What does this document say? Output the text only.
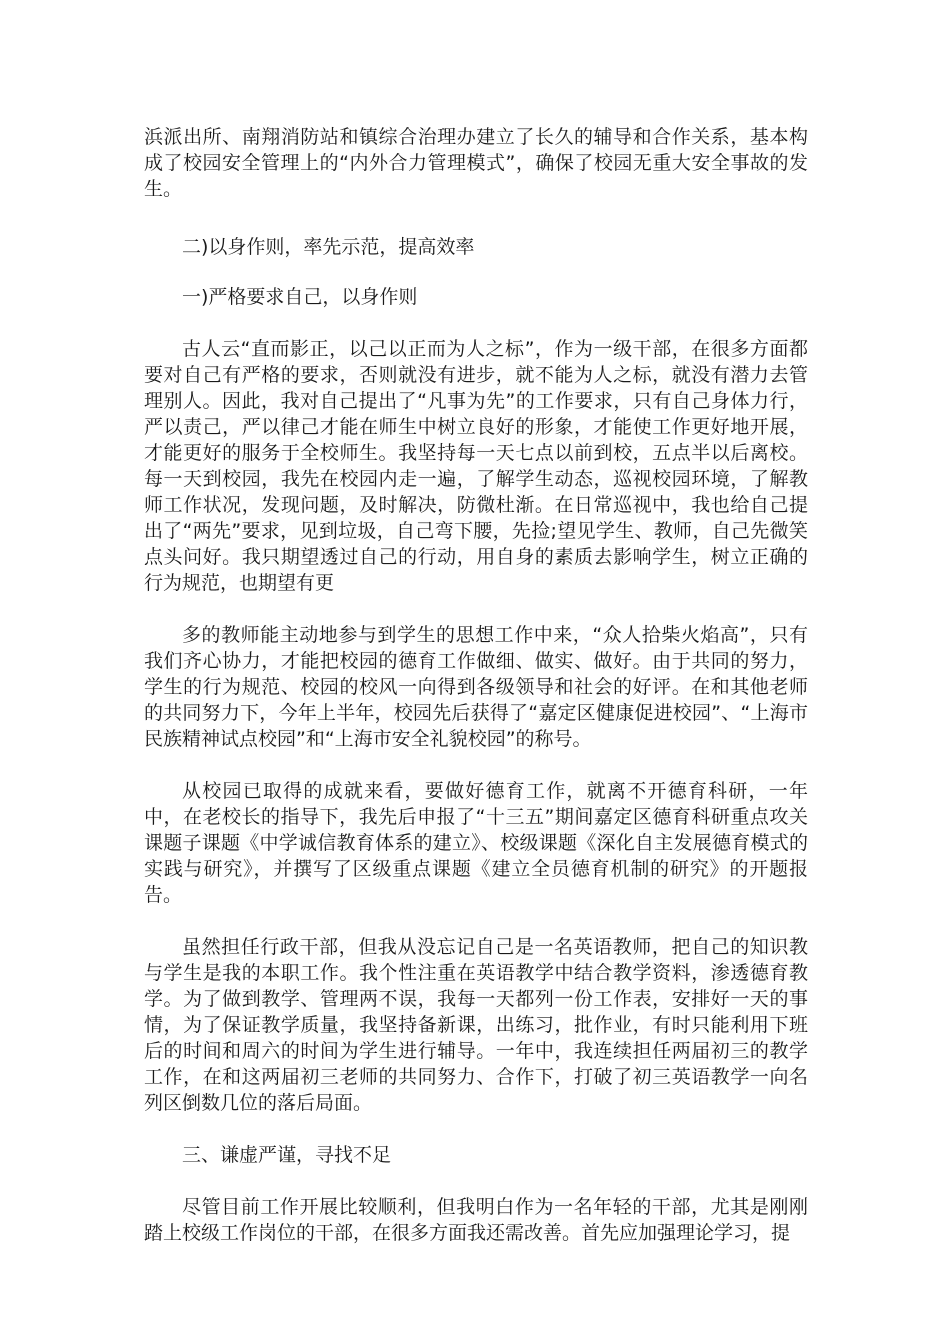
浜派出所、南翔消防站和镇综合治理办建立了长久的辅导和合作关系，基本构成了校园安全管理上的“内外合力管理模式”，确保了校园无重大安全事故的发生。

二)以身作则，率先示范，提高效率

一)严格要求自己，以身作则

古人云“直而影正，以己以正而为人之标”，作为一级干部，在很多方面都要对自己有严格的要求，否则就没有进步，就不能为人之标，就没有潜力去管理别人。因此，我对自己提出了“凡事为先”的工作要求，只有自己身体力行，严以责己，严以律己才能在师生中树立良好的形象，才能使工作更好地开展，才能更好的服务于全校师生。我坚持每一天七点以前到校，五点半以后离校。每一天到校园，我先在校园内走一遍，了解学生动态，巡视校园环境，了解教师工作状况，发现问题，及时解决，防微杜渐。在日常巡视中，我也给自己提出了“两先”要求，见到垃圾，自己弯下腰，先捡;望见学生、教师，自己先微笑点头问好。我只期望透过自己的行动，用自身的素质去影响学生，树立正确的行为规范，也期望有更

多的教师能主动地参与到学生的思想工作中来，“众人拾柴火焰高”，只有我们齐心协力，才能把校园的德育工作做细、做实、做好。由于共同的努力，学生的行为规范、校园的校风一向得到各级领导和社会的好评。在和其他老师的共同努力下，今年上半年，校园先后获得了“嘉定区健康促进校园”、“上海市民族精神试点校园”和“上海市安全礼貌校园”的称号。

从校园已取得的成就来看，要做好德育工作，就离不开德育科研，一年中，在老校长的指导下，我先后申报了“十三五”期间嘉定区德育科研重点攻关课题子课题《中学诚信教育体系的建立》、校级课题《深化自主发展德育模式的实践与研究》，并撰写了区级重点课题《建立全员德育机制的研究》的开题报告。

虽然担任行政干部，但我从没忘记自己是一名英语教师，把自己的知识教与学生是我的本职工作。我个性注重在英语教学中结合教学资料，渗透德育教学。为了做到教学、管理两不误，我每一天都列一份工作表，安排好一天的事情，为了保证教学质量，我坚持备新课，出练习，批作业，有时只能利用下班后的时间和周六的时间为学生进行辅导。一年中，我连续担任两届初三的教学工作，在和这两届初三老师的共同努力、合作下，打破了初三英语教学一向名列区倒数几位的落后局面。

三、谦虚严谨，寻找不足

尽管目前工作开展比较顺利，但我明白作为一名年轻的干部，尤其是刚刚踏上校级工作岗位的干部，在很多方面我还需改善。首先应加强理论学习，提
